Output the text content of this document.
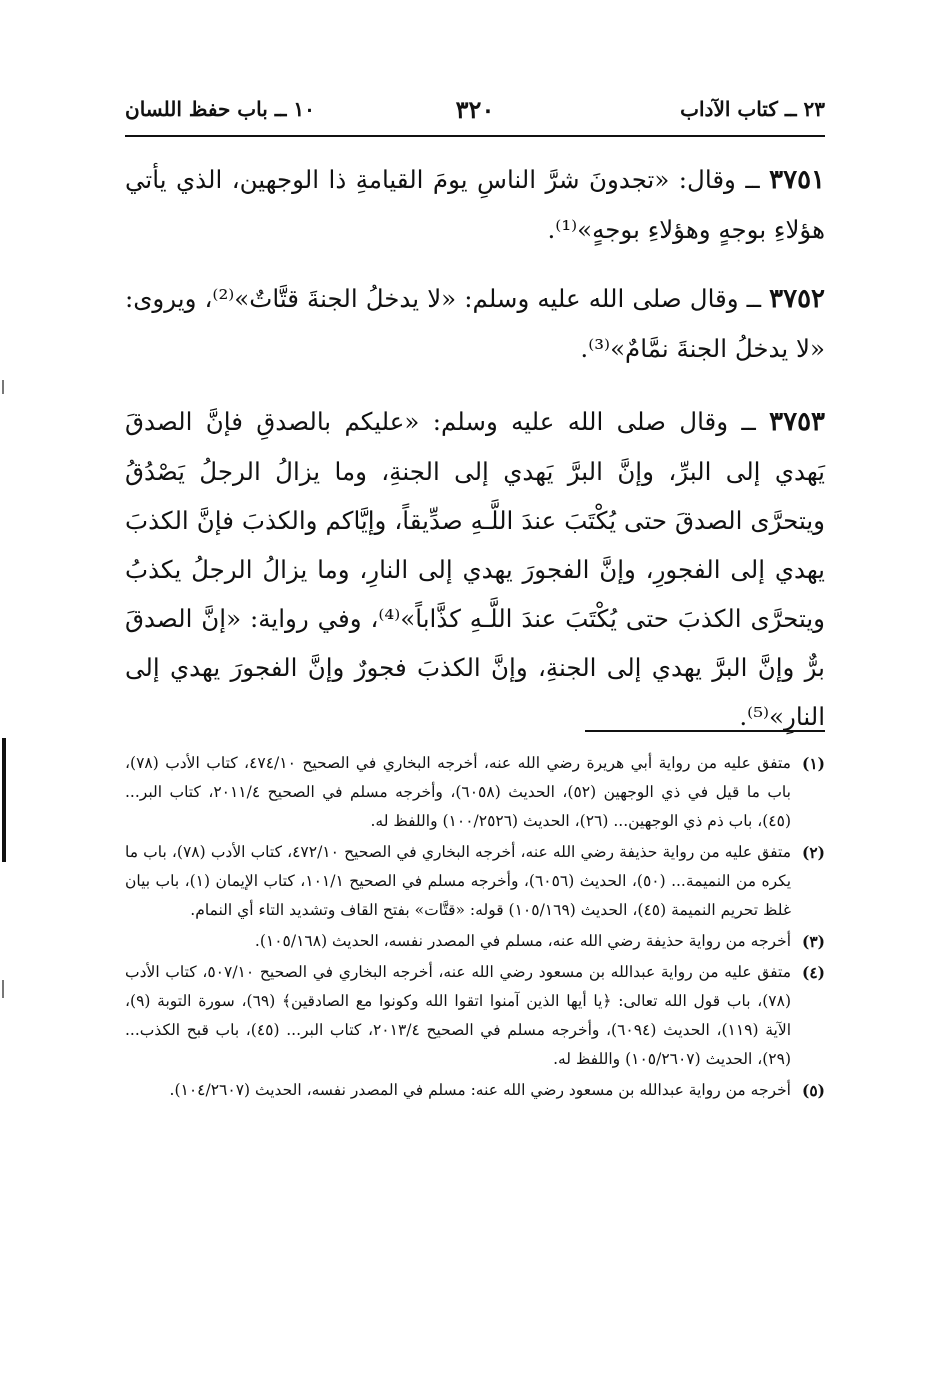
٢٣ ــ كتاب الآداب
٣٢٠
١٠ ــ باب حفظ اللسان

٣٧٥١ ــ وقال: «تجدونَ شرَّ الناسِ يومَ القيامةِ ذا الوجهين، الذي يأتي هؤلاءِ بوجهٍ وهؤلاءِ بوجهٍ»⁽¹⁾.

٣٧٥٢ ــ وقال صلى الله عليه وسلم: «لا يدخلُ الجنةَ قتَّاتٌ»⁽²⁾، ويروى: «لا يدخلُ الجنةَ نمَّامٌ»⁽³⁾.

٣٧٥٣ ــ وقال صلى الله عليه وسلم: «عليكم بالصدقِ فإنَّ الصدقَ يَهدي إلى البرِّ، وإنَّ البرَّ يَهدي إلى الجنةِ، وما يزالُ الرجلُ يَصْدُقُ ويتحرَّى الصدقَ حتى يُكْتَبَ عندَ اللَّـهِ صدِّيقاً، وإيَّاكم والكذبَ فإنَّ الكذبَ يهدي إلى الفجورِ، وإنَّ الفجورَ يهدي إلى النارِ، وما يزالُ الرجلُ يكذبُ ويتحرَّى الكذبَ حتى يُكْتَبَ عندَ اللَّـهِ كذَّاباً»⁽⁴⁾، وفي رواية: «إنَّ الصدقَ برٌّ وإنَّ البرَّ يهدي إلى الجنةِ، وإنَّ الكذبَ فجورٌ وإنَّ الفجورَ يهدي إلى النارِ»⁽⁵⁾.

(١)
متفق عليه من رواية أبي هريرة رضي الله عنه، أخرجه البخاري في الصحيح ٤٧٤/١٠، كتاب الأدب (٧٨)، باب ما قيل في ذي الوجهين (٥٢)، الحديث (٦٠٥٨)، وأخرجه مسلم في الصحيح ٢٠١١/٤، كتاب البر... (٤٥)، باب ذم ذي الوجهين... (٢٦)، الحديث (١٠٠/٢٥٢٦) واللفظ له.
(٢)
متفق عليه من رواية حذيفة رضي الله عنه، أخرجه البخاري في الصحيح ٤٧٢/١٠، كتاب الأدب (٧٨)، باب ما يكره من النميمة... (٥٠)، الحديث (٦٠٥٦)، وأخرجه مسلم في الصحيح ١٠١/١، كتاب الإيمان (١)، باب بيان غلظ تحريم النميمة (٤٥)، الحديث (١٠٥/١٦٩) قوله: «قتَّات» بفتح القاف وتشديد التاء أي النمام.
(٣)
أخرجه من رواية حذيفة رضي الله عنه، مسلم في المصدر نفسه، الحديث (١٠٥/١٦٨).
(٤)
متفق عليه من رواية عبدالله بن مسعود رضي الله عنه، أخرجه البخاري في الصحيح ٥٠٧/١٠، كتاب الأدب (٧٨)، باب قول الله تعالى: ﴿يا أيها الذين آمنوا اتقوا الله وكونوا مع الصادقين﴾ (٦٩)، سورة التوبة (٩)، الآية (١١٩)، الحديث (٦٠٩٤)، وأخرجه مسلم في الصحيح ٢٠١٣/٤، كتاب البر... (٤٥)، باب قبح الكذب... (٢٩)، الحديث (١٠٥/٢٦٠٧) واللفظ له.
(٥)
أخرجه من رواية عبدالله بن مسعود رضي الله عنه: مسلم في المصدر نفسه، الحديث (١٠٤/٢٦٠٧).
